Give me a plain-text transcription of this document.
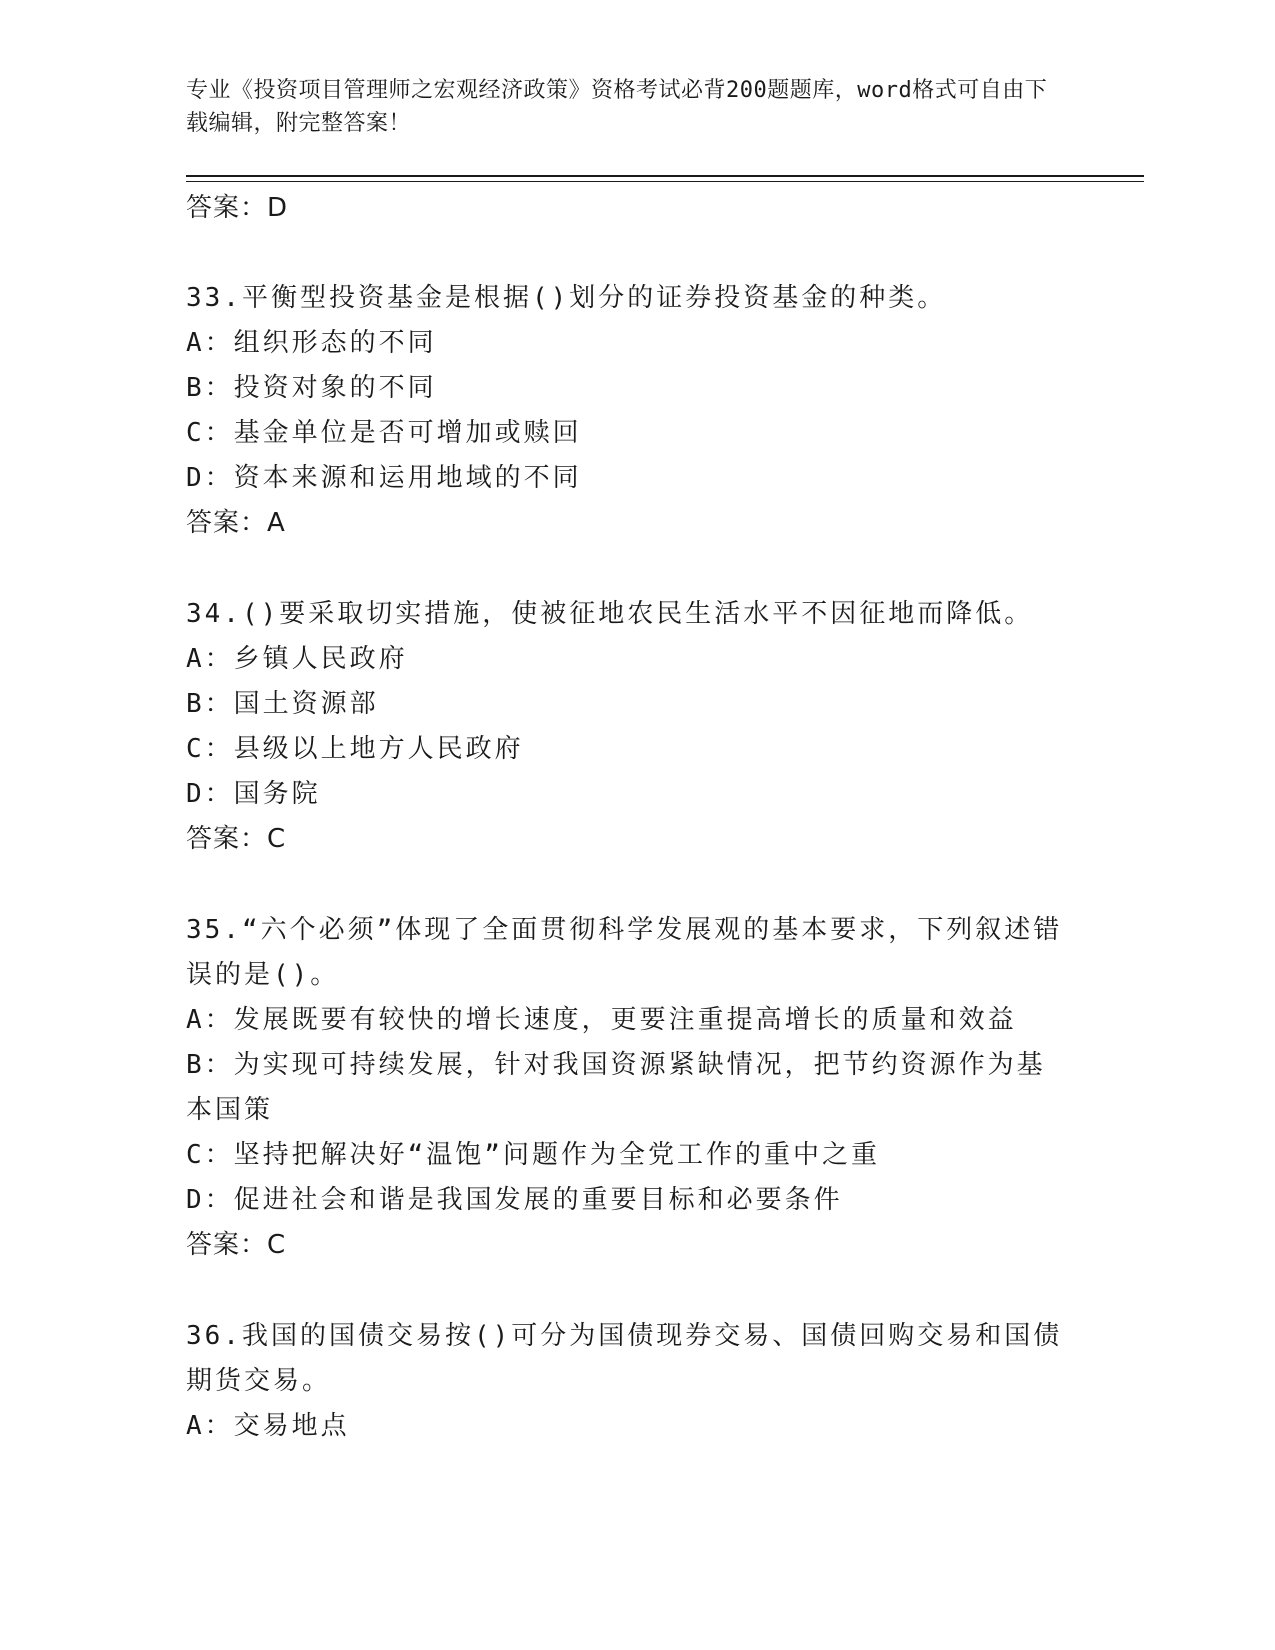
专业《投资项目管理师之宏观经济政策》资格考试必背200题题库，word格式可自由下载编辑，附完整答案！

答案：D

33.平衡型投资基金是根据()划分的证券投资基金的种类。

A：组织形态的不同

B：投资对象的不同

C：基金单位是否可增加或赎回

D：资本来源和运用地域的不同

答案：A

34.()要采取切实措施，使被征地农民生活水平不因征地而降低。

A：乡镇人民政府

B：国土资源部

C：县级以上地方人民政府

D：国务院

答案：C

35.“六个必须”体现了全面贯彻科学发展观的基本要求，下列叙述错误的是()。

A：发展既要有较快的增长速度，更要注重提高增长的质量和效益

B：为实现可持续发展，针对我国资源紧缺情况，把节约资源作为基本国策

C：坚持把解决好“温饱”问题作为全党工作的重中之重

D：促进社会和谐是我国发展的重要目标和必要条件

答案：C

36.我国的国债交易按()可分为国债现券交易、国债回购交易和国债期货交易。

A：交易地点
